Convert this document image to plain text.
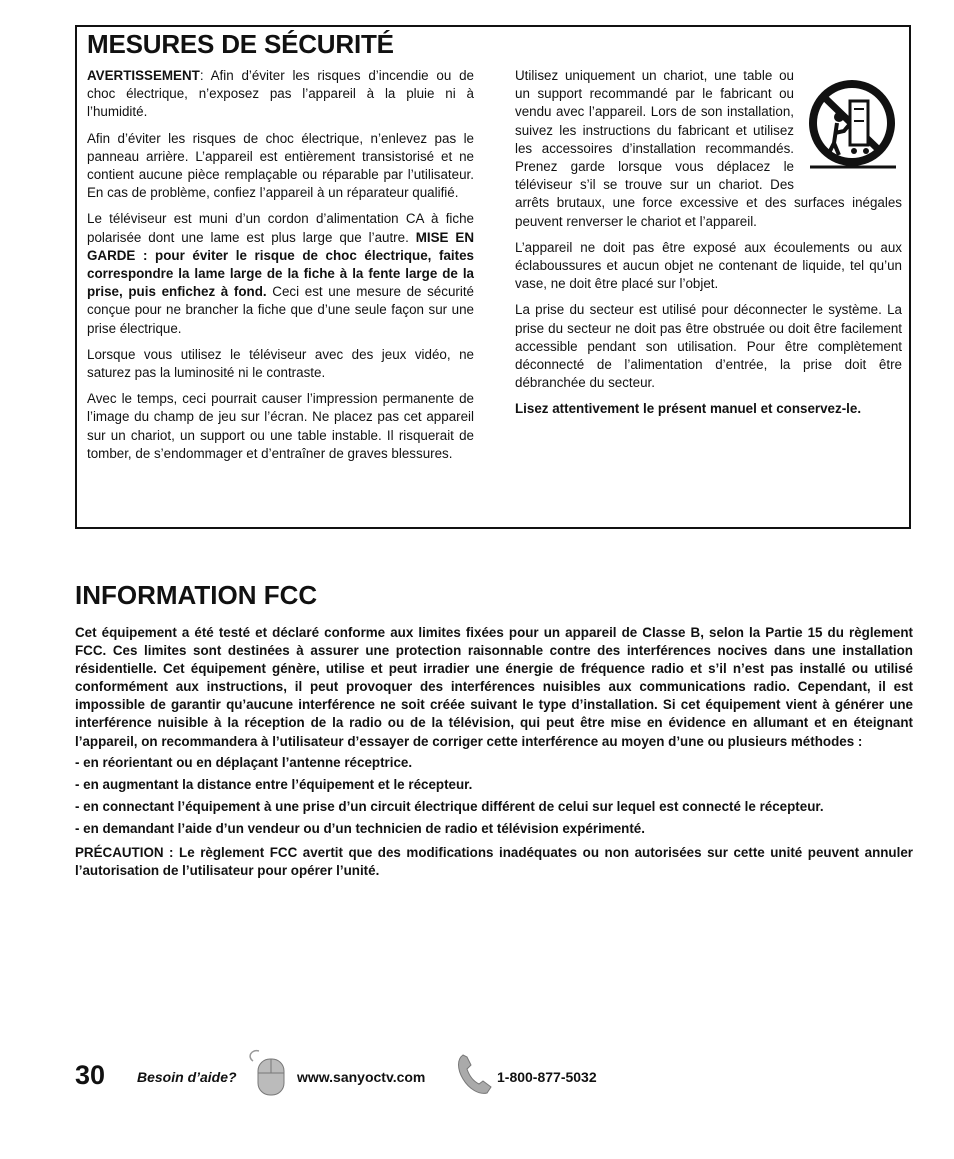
MESURES DE SÉCURITÉ

AVERTISSEMENT: Afin d’éviter les risques d’incendie ou de choc électrique, n’exposez pas l’appareil à la pluie ni à l’humidité.

Afin d’éviter les risques de choc électrique, n’enlevez pas le panneau arrière. L’appareil est entièrement transistorisé et ne contient aucune pièce remplaçable ou réparable par l’utilisateur. En cas de problème, confiez l’appareil à un réparateur qualifié.

Le téléviseur est muni d’un cordon d’alimentation CA à fiche polarisée dont une lame est plus large que l’autre. MISE EN GARDE : pour éviter le risque de choc électrique, faites correspondre la lame large de la fiche à la fente large de la prise, puis enfichez à fond. Ceci est une mesure de sécurité conçue pour ne brancher la fiche que d’une seule façon sur une prise électrique.

Lorsque vous utilisez le téléviseur avec des jeux vidéo, ne saturez pas la luminosité ni le contraste.

Avec le temps, ceci pourrait causer l’impression permanente de l’image du champ de jeu sur l’écran. Ne placez pas cet appareil sur un chariot, un support ou une table instable. Il risquerait de tomber, de s’endommager et d’entraîner de graves blessures.

Utilisez uniquement un chariot, une table ou un support recommandé par le fabricant ou vendu avec l’appareil. Lors de son installation, suivez les instructions du fabricant et utilisez les accessoires d’installation recommandés. Prenez garde lorsque vous déplacez le téléviseur s’il se trouve sur un chariot. Des arrêts brutaux, une force excessive et des surfaces inégales peuvent renverser le chariot et l’appareil.

L’appareil ne doit pas être exposé aux écoulements ou aux éclaboussures et aucun objet ne contenant de liquide, tel qu’un vase, ne doit être placé sur l’objet.

La prise du secteur est utilisé pour déconnecter le système. La prise du secteur ne doit pas être obstruée ou doit être facilement accessible pendant son utilisation. Pour être complètement déconnecté de l’alimentation d’entrée, la prise doit être débranchée du secteur.

Lisez attentivement le présent manuel et conservez-le.

INFORMATION FCC

Cet équipement a été testé et déclaré conforme aux limites fixées pour un appareil de Classe B, selon la Partie 15 du règlement FCC. Ces limites sont destinées à assurer une protection raisonnable contre des interférences nocives dans une installation résidentielle. Cet équipement génère, utilise et peut irradier une énergie de fréquence radio et s’il n’est pas installé ou utilisé conformément aux instructions, il peut provoquer des interférences nuisibles aux communications radio. Cependant, il est impossible de garantir qu’aucune interférence ne soit créée suivant le type d’installation. Si cet équipement vient à générer une interférence nuisible à la réception de la radio ou de la télévision, qui peut être mise en évidence en allumant et en éteignant l’appareil, on recommandera à l’utilisateur d’essayer de corriger cette interférence au moyen d’une ou plusieurs méthodes :

- en réorientant ou en déplaçant l’antenne réceptrice.
- en augmentant la distance entre l’équipement et le récepteur.
- en connectant l’équipement à une prise d’un circuit électrique différent de celui sur lequel est connecté le récepteur.
- en demandant l’aide d’un vendeur ou d’un technicien de radio et télévision expérimenté.

PRÉCAUTION : Le règlement FCC avertit que des modifications inadéquates ou non autorisées sur cette unité peuvent annuler l’autorisation de l’utilisateur pour opérer l’unité.

30 Besoin d’aide?	www.sanyoctv.com	1-800-877-5032
